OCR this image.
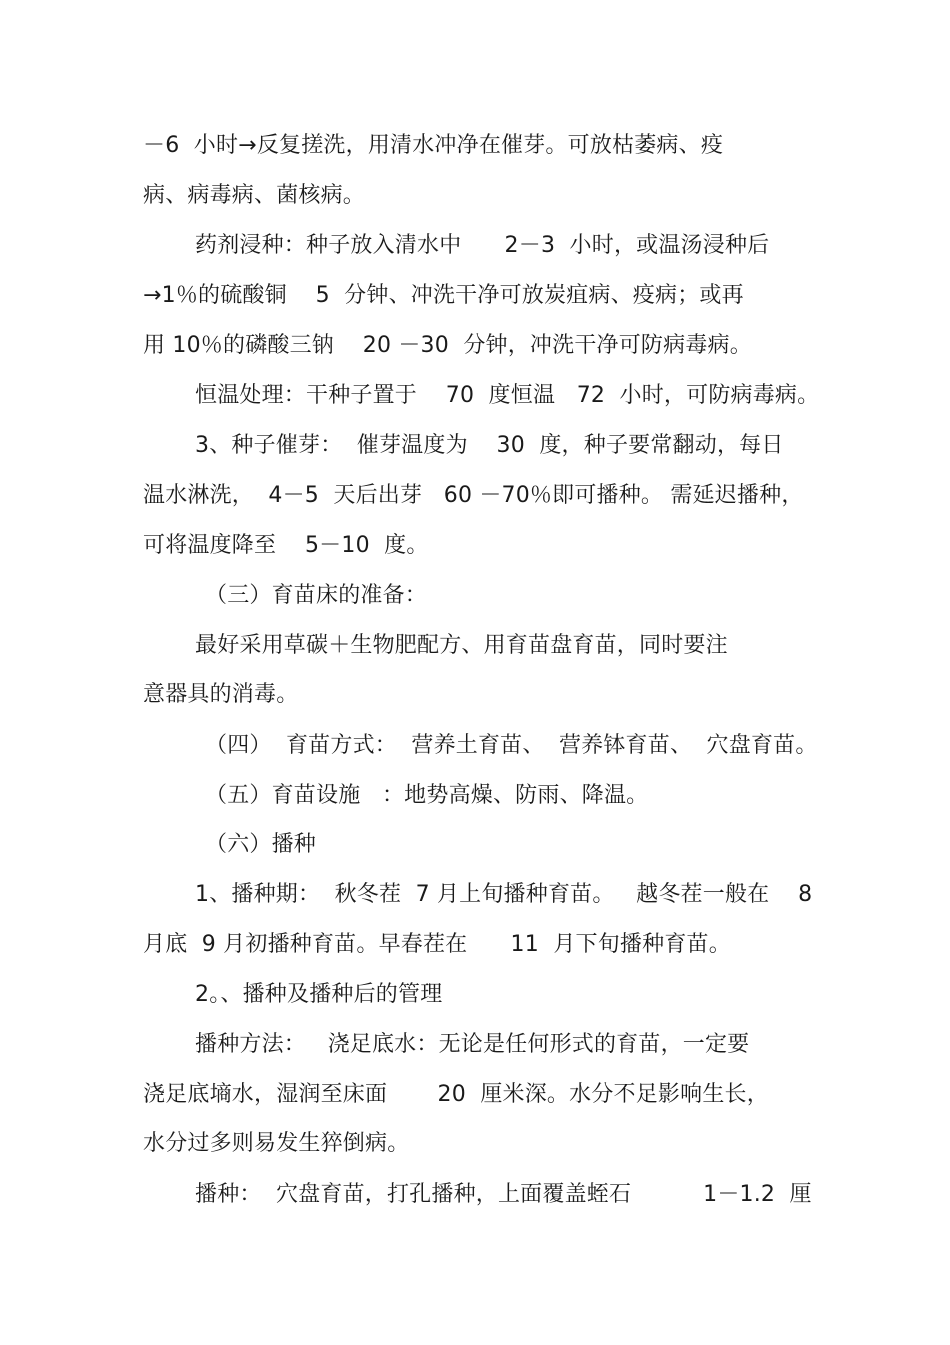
－6  小时→反复搓洗，用清水冲净在催芽。可放枯萎病、疫
病、病毒病、菌核病。
药剂浸种：种子放入清水中      2－3  小时，或温汤浸种后
→1％的硫酸铜    5  分钟、冲洗干净可放炭疽病、疫病；或再
用 10％的磷酸三钠    20 －30  分钟，冲洗干净可防病毒病。
恒温处理：干种子置于    70  度恒温   72  小时，可防病毒病。
3、种子催芽：  催芽温度为    30  度，种子要常翻动，每日
温水淋洗，  4－5  天后出芽   60 －70％即可播种。 需延迟播种，
可将温度降至    5－10  度。
（三）育苗床的准备：
最好采用草碳＋生物肥配方、用育苗盘育苗，同时要注
意器具的消毒。
（四）  育苗方式：  营养土育苗、  营养钵育苗、  穴盘育苗。
（五）育苗设施   ：地势高燥、防雨、降温。
（六）播种
1、播种期：  秋冬茬  7 月上旬播种育苗。   越冬茬一般在    8
月底  9 月初播种育苗。早春茬在      11  月下旬播种育苗。
2。、播种及播种后的管理
播种方法：   浇足底水：无论是任何形式的育苗，一定要
浇足底墒水，湿润至床面       20  厘米深。水分不足影响生长，
水分过多则易发生猝倒病。
播种：  穴盘育苗，打孔播种，上面覆盖蛭石          1－1.2  厘
